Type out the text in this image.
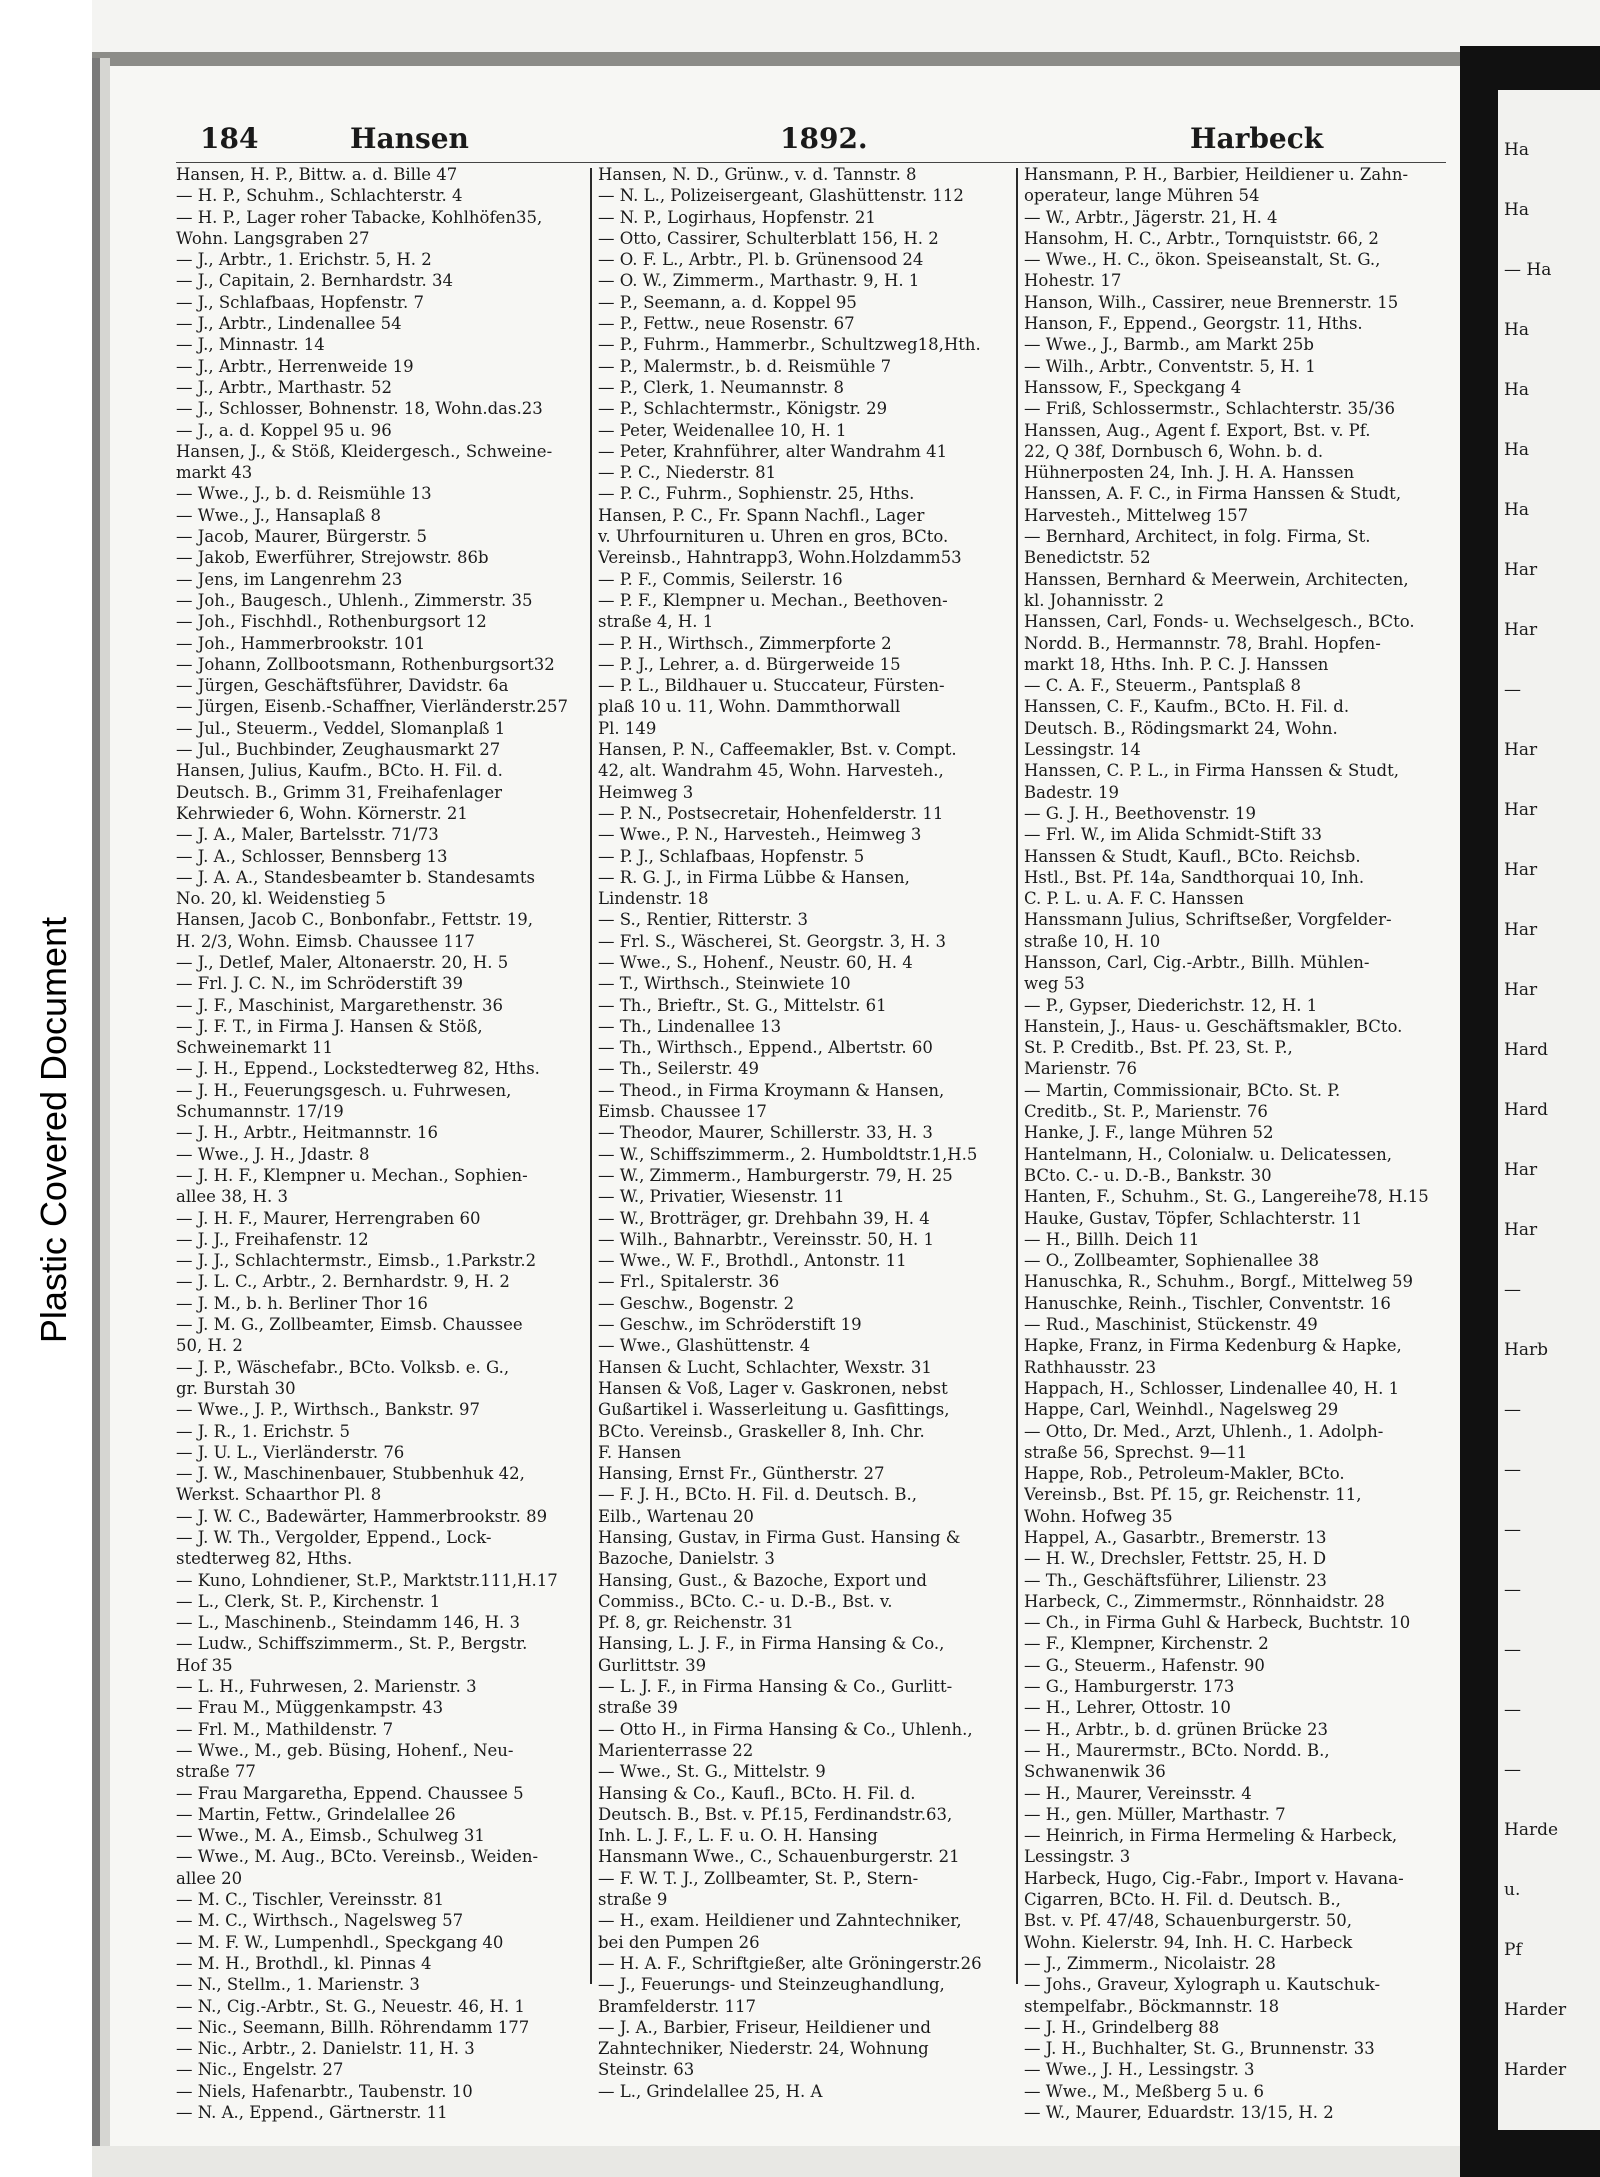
Plastic Covered Document
Ha
Ha
— Ha
Ha
Ha
Ha
Ha
Har
Har
—
Har
Har
Har
Har
Har
Hard
Hard
Har
Har
—
Harb
—
—
—
—
—
—
—
Harde
u.
Pf
Harder
Harder
184	Hansen	1892.	Harbeck
Hansen, H. P., Bittw. a. d. Bille 47
— H. P., Schuhm., Schlachterstr. 4
— H. P., Lager roher Tabacke, Kohlhöfen35,
Wohn. Langsgraben 27
— J., Arbtr., 1. Erichstr. 5, H. 2
— J., Capitain, 2. Bernhardstr. 34
— J., Schlafbaas, Hopfenstr. 7
— J., Arbtr., Lindenallee 54
— J., Minnastr. 14
— J., Arbtr., Herrenweide 19
— J., Arbtr., Marthastr. 52
— J., Schlosser, Bohnenstr. 18, Wohn.das.23
— J., a. d. Koppel 95 u. 96
Hansen, J., & Stöß, Kleidergesch., Schweine-
markt 43
— Wwe., J., b. d. Reismühle 13
— Wwe., J., Hansaplaß 8
— Jacob, Maurer, Bürgerstr. 5
— Jakob, Ewerführer, Strejowstr. 86b
— Jens, im Langenrehm 23
— Joh., Baugesch., Uhlenh., Zimmerstr. 35
— Joh., Fischhdl., Rothenburgsort 12
— Joh., Hammerbrookstr. 101
— Johann, Zollbootsmann, Rothenburgsort32
— Jürgen, Geschäftsführer, Davidstr. 6a
— Jürgen, Eisenb.-Schaffner, Vierländerstr.257
— Jul., Steuerm., Veddel, Slomanplaß 1
— Jul., Buchbinder, Zeughausmarkt 27
Hansen, Julius, Kaufm., BCto. H. Fil. d.
Deutsch. B., Grimm 31, Freihafenlager
Kehrwieder 6, Wohn. Körnerstr. 21
— J. A., Maler, Bartelsstr. 71/73
— J. A., Schlosser, Bennsberg 13
— J. A. A., Standesbeamter b. Standesamts
No. 20, kl. Weidenstieg 5
Hansen, Jacob C., Bonbonfabr., Fettstr. 19,
H. 2/3, Wohn. Eimsb. Chaussee 117
— J., Detlef, Maler, Altonaerstr. 20, H. 5
— Frl. J. C. N., im Schröderstift 39
— J. F., Maschinist, Margarethenstr. 36
— J. F. T., in Firma J. Hansen & Stöß,
Schweinemarkt 11
— J. H., Eppend., Lockstedterweg 82, Hths.
— J. H., Feuerungsgesch. u. Fuhrwesen,
Schumannstr. 17/19
— J. H., Arbtr., Heitmannstr. 16
— Wwe., J. H., Jdastr. 8
— J. H. F., Klempner u. Mechan., Sophien-
allee 38, H. 3
— J. H. F., Maurer, Herrengraben 60
— J. J., Freihafenstr. 12
— J. J., Schlachtermstr., Eimsb., 1.Parkstr.2
— J. L. C., Arbtr., 2. Bernhardstr. 9, H. 2
— J. M., b. h. Berliner Thor 16
— J. M. G., Zollbeamter, Eimsb. Chaussee
50, H. 2
— J. P., Wäschefabr., BCto. Volksb. e. G.,
gr. Burstah 30
— Wwe., J. P., Wirthsch., Bankstr. 97
— J. R., 1. Erichstr. 5
— J. U. L., Vierländerstr. 76
— J. W., Maschinenbauer, Stubbenhuk 42,
Werkst. Schaarthor Pl. 8
— J. W. C., Badewärter, Hammerbrookstr. 89
— J. W. Th., Vergolder, Eppend., Lock-
stedterweg 82, Hths.
— Kuno, Lohndiener, St.P., Marktstr.111,H.17
— L., Clerk, St. P., Kirchenstr. 1
— L., Maschinenb., Steindamm 146, H. 3
— Ludw., Schiffszimmerm., St. P., Bergstr.
Hof 35
— L. H., Fuhrwesen, 2. Marienstr. 3
— Frau M., Müggenkampstr. 43
— Frl. M., Mathildenstr. 7
— Wwe., M., geb. Büsing, Hohenf., Neu-
straße 77
— Frau Margaretha, Eppend. Chaussee 5
— Martin, Fettw., Grindelallee 26
— Wwe., M. A., Eimsb., Schulweg 31
— Wwe., M. Aug., BCto. Vereinsb., Weiden-
allee 20
— M. C., Tischler, Vereinsstr. 81
— M. C., Wirthsch., Nagelsweg 57
— M. F. W., Lumpenhdl., Speckgang 40
— M. H., Brothdl., kl. Pinnas 4
— N., Stellm., 1. Marienstr. 3
— N., Cig.-Arbtr., St. G., Neuestr. 46, H. 1
— Nic., Seemann, Billh. Röhrendamm 177
— Nic., Arbtr., 2. Danielstr. 11, H. 3
— Nic., Engelstr. 27
— Niels, Hafenarbtr., Taubenstr. 10
— N. A., Eppend., Gärtnerstr. 11
Hansen, N. D., Grünw., v. d. Tannstr. 8
— N. L., Polizeisergeant, Glashüttenstr. 112
— N. P., Logirhaus, Hopfenstr. 21
— Otto, Cassirer, Schulterblatt 156, H. 2
— O. F. L., Arbtr., Pl. b. Grünensood 24
— O. W., Zimmerm., Marthastr. 9, H. 1
— P., Seemann, a. d. Koppel 95
— P., Fettw., neue Rosenstr. 67
— P., Fuhrm., Hammerbr., Schultzweg18,Hth.
— P., Malermstr., b. d. Reismühle 7
— P., Clerk, 1. Neumannstr. 8
— P., Schlachtermstr., Königstr. 29
— Peter, Weidenallee 10, H. 1
— Peter, Krahnführer, alter Wandrahm 41
— P. C., Niederstr. 81
— P. C., Fuhrm., Sophienstr. 25, Hths.
Hansen, P. C., Fr. Spann Nachfl., Lager
v. Uhrfournituren u. Uhren en gros, BCto.
Vereinsb., Hahntrapp3, Wohn.Holzdamm53
— P. F., Commis, Seilerstr. 16
— P. F., Klempner u. Mechan., Beethoven-
straße 4, H. 1
— P. H., Wirthsch., Zimmerpforte 2
— P. J., Lehrer, a. d. Bürgerweide 15
— P. L., Bildhauer u. Stuccateur, Fürsten-
plaß 10 u. 11, Wohn. Dammthorwall
Pl. 149
Hansen, P. N., Caffeemakler, Bst. v. Compt.
42, alt. Wandrahm 45, Wohn. Harvesteh.,
Heimweg 3
— P. N., Postsecretair, Hohenfelderstr. 11
— Wwe., P. N., Harvesteh., Heimweg 3
— P. J., Schlafbaas, Hopfenstr. 5
— R. G. J., in Firma Lübbe & Hansen,
Lindenstr. 18
— S., Rentier, Ritterstr. 3
— Frl. S., Wäscherei, St. Georgstr. 3, H. 3
— Wwe., S., Hohenf., Neustr. 60, H. 4
— T., Wirthsch., Steinwiete 10
— Th., Brieftr., St. G., Mittelstr. 61
— Th., Lindenallee 13
— Th., Wirthsch., Eppend., Albertstr. 60
— Th., Seilerstr. 49
— Theod., in Firma Kroymann & Hansen,
Eimsb. Chaussee 17
— Theodor, Maurer, Schillerstr. 33, H. 3
— W., Schiffszimmerm., 2. Humboldtstr.1,H.5
— W., Zimmerm., Hamburgerstr. 79, H. 25
— W., Privatier, Wiesenstr. 11
— W., Brotträger, gr. Drehbahn 39, H. 4
— Wilh., Bahnarbtr., Vereinsstr. 50, H. 1
— Wwe., W. F., Brothdl., Antonstr. 11
— Frl., Spitalerstr. 36
— Geschw., Bogenstr. 2
— Geschw., im Schröderstift 19
— Wwe., Glashüttenstr. 4
Hansen & Lucht, Schlachter, Wexstr. 31
Hansen & Voß, Lager v. Gaskronen, nebst
Gußartikel i. Wasserleitung u. Gasfittings,
BCto. Vereinsb., Graskeller 8, Inh. Chr.
F. Hansen
Hansing, Ernst Fr., Güntherstr. 27
— F. J. H., BCto. H. Fil. d. Deutsch. B.,
Eilb., Wartenau 20
Hansing, Gustav, in Firma Gust. Hansing &
Bazoche, Danielstr. 3
Hansing, Gust., & Bazoche, Export und
Commiss., BCto. C.- u. D.-B., Bst. v.
Pf. 8, gr. Reichenstr. 31
Hansing, L. J. F., in Firma Hansing & Co.,
Gurlittstr. 39
— L. J. F., in Firma Hansing & Co., Gurlitt-
straße 39
— Otto H., in Firma Hansing & Co., Uhlenh.,
Marienterrasse 22
— Wwe., St. G., Mittelstr. 9
Hansing & Co., Kaufl., BCto. H. Fil. d.
Deutsch. B., Bst. v. Pf.15, Ferdinandstr.63,
Inh. L. J. F., L. F. u. O. H. Hansing
Hansmann Wwe., C., Schauenburgerstr. 21
— F. W. T. J., Zollbeamter, St. P., Stern-
straße 9
— H., exam. Heildiener und Zahntechniker,
bei den Pumpen 26
— H. A. F., Schriftgießer, alte Gröningerstr.26
— J., Feuerungs- und Steinzeughandlung,
Bramfelderstr. 117
— J. A., Barbier, Friseur, Heildiener und
Zahntechniker, Niederstr. 24, Wohnung
Steinstr. 63
— L., Grindelallee 25, H. A
Hansmann, P. H., Barbier, Heildiener u. Zahn-
operateur, lange Mühren 54
— W., Arbtr., Jägerstr. 21, H. 4
Hansohm, H. C., Arbtr., Tornquiststr. 66, 2
— Wwe., H. C., ökon. Speiseanstalt, St. G.,
Hohestr. 17
Hanson, Wilh., Cassirer, neue Brennerstr. 15
Hanson, F., Eppend., Georgstr. 11, Hths.
— Wwe., J., Barmb., am Markt 25b
— Wilh., Arbtr., Conventstr. 5, H. 1
Hanssow, F., Speckgang 4
— Friß, Schlossermstr., Schlachterstr. 35/36
Hanssen, Aug., Agent f. Export, Bst. v. Pf.
22, Q 38f, Dornbusch 6, Wohn. b. d.
Hühnerposten 24, Inh. J. H. A. Hanssen
Hanssen, A. F. C., in Firma Hanssen & Studt,
Harvesteh., Mittelweg 157
— Bernhard, Architect, in folg. Firma, St.
Benedictstr. 52
Hanssen, Bernhard & Meerwein, Architecten,
kl. Johannisstr. 2
Hanssen, Carl, Fonds- u. Wechselgesch., BCto.
Nordd. B., Hermannstr. 78, Brahl. Hopfen-
markt 18, Hths. Inh. P. C. J. Hanssen
— C. A. F., Steuerm., Pantsplaß 8
Hanssen, C. F., Kaufm., BCto. H. Fil. d.
Deutsch. B., Rödingsmarkt 24, Wohn.
Lessingstr. 14
Hanssen, C. P. L., in Firma Hanssen & Studt,
Badestr. 19
— G. J. H., Beethovenstr. 19
— Frl. W., im Alida Schmidt-Stift 33
Hanssen & Studt, Kaufl., BCto. Reichsb.
Hstl., Bst. Pf. 14a, Sandthorquai 10, Inh.
C. P. L. u. A. F. C. Hanssen
Hanssmann Julius, Schriftseßer, Vorgfelder-
straße 10, H. 10
Hansson, Carl, Cig.-Arbtr., Billh. Mühlen-
weg 53
— P., Gypser, Diederichstr. 12, H. 1
Hanstein, J., Haus- u. Geschäftsmakler, BCto.
St. P. Creditb., Bst. Pf. 23, St. P.,
Marienstr. 76
— Martin, Commissionair, BCto. St. P.
Creditb., St. P., Marienstr. 76
Hanke, J. F., lange Mühren 52
Hantelmann, H., Colonialw. u. Delicatessen,
BCto. C.- u. D.-B., Bankstr. 30
Hanten, F., Schuhm., St. G., Langereihe78, H.15
Hauke, Gustav, Töpfer, Schlachterstr. 11
— H., Billh. Deich 11
— O., Zollbeamter, Sophienallee 38
Hanuschka, R., Schuhm., Borgf., Mittelweg 59
Hanuschke, Reinh., Tischler, Conventstr. 16
— Rud., Maschinist, Stückenstr. 49
Hapke, Franz, in Firma Kedenburg & Hapke,
Rathhausstr. 23
Happach, H., Schlosser, Lindenallee 40, H. 1
Happe, Carl, Weinhdl., Nagelsweg 29
— Otto, Dr. Med., Arzt, Uhlenh., 1. Adolph-
straße 56, Sprechst. 9—11
Happe, Rob., Petroleum-Makler, BCto.
Vereinsb., Bst. Pf. 15, gr. Reichenstr. 11,
Wohn. Hofweg 35
Happel, A., Gasarbtr., Bremerstr. 13
— H. W., Drechsler, Fettstr. 25, H. D
— Th., Geschäftsführer, Lilienstr. 23
Harbeck, C., Zimmermstr., Rönnhaidstr. 28
— Ch., in Firma Guhl & Harbeck, Buchtstr. 10
— F., Klempner, Kirchenstr. 2
— G., Steuerm., Hafenstr. 90
— G., Hamburgerstr. 173
— H., Lehrer, Ottostr. 10
— H., Arbtr., b. d. grünen Brücke 23
— H., Maurermstr., BCto. Nordd. B.,
Schwanenwik 36
— H., Maurer, Vereinsstr. 4
— H., gen. Müller, Marthastr. 7
— Heinrich, in Firma Hermeling & Harbeck,
Lessingstr. 3
Harbeck, Hugo, Cig.-Fabr., Import v. Havana-
Cigarren, BCto. H. Fil. d. Deutsch. B.,
Bst. v. Pf. 47/48, Schauenburgerstr. 50,
Wohn. Kielerstr. 94, Inh. H. C. Harbeck
— J., Zimmerm., Nicolaistr. 28
— Johs., Graveur, Xylograph u. Kautschuk-
stempelfabr., Böckmannstr. 18
— J. H., Grindelberg 88
— J. H., Buchhalter, St. G., Brunnenstr. 33
— Wwe., J. H., Lessingstr. 3
— Wwe., M., Meßberg 5 u. 6
— W., Maurer, Eduardstr. 13/15, H. 2
